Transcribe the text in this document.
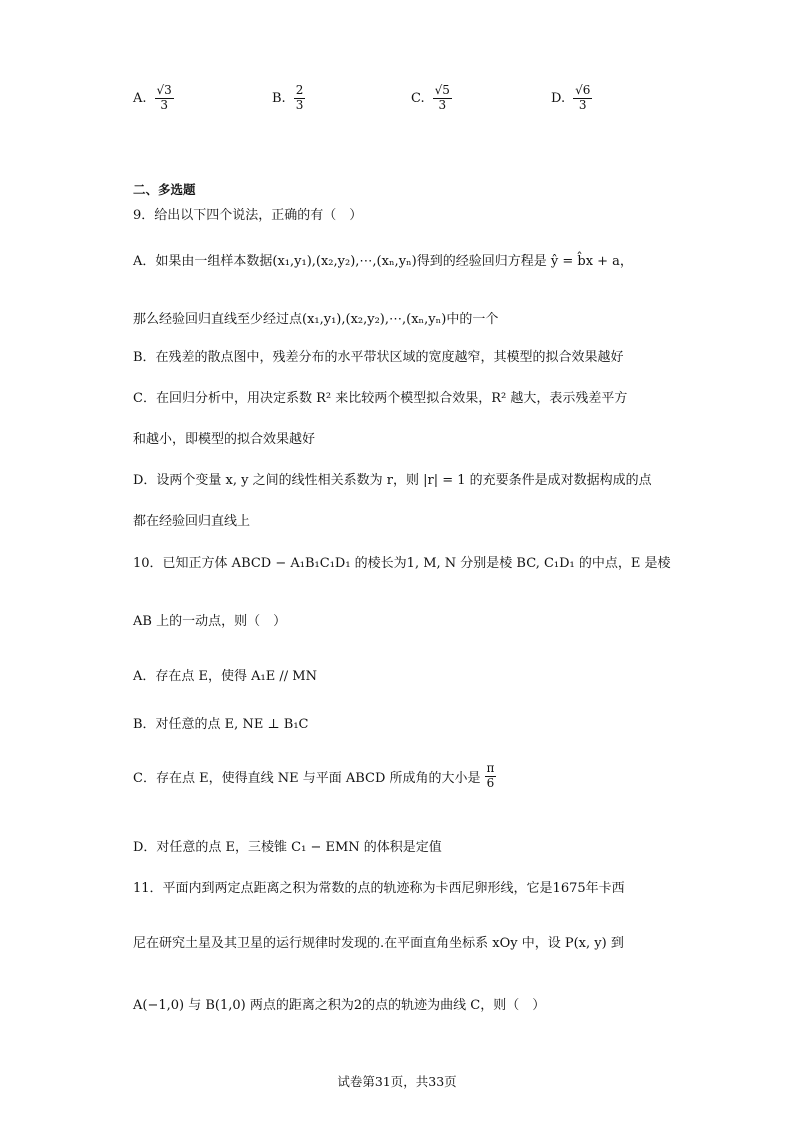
A. $\frac{√3}{3}$	B. $\frac{2}{3}$	C. $\frac{√5}{3}$	D. $\frac{√6}{3}$
二、多选题
9．给出以下四个说法，正确的有（　）
A．如果由一组样本数据(x₁,y₁),(x₂,y₂),⋯,(xₙ,yₙ)得到的经验回归方程是 ŷ = b̂x + a，
那么经验回归直线至少经过点(x₁,y₁),(x₂,y₂),⋯,(xₙ,yₙ)中的一个
B．在残差的散点图中，残差分布的水平带状区域的宽度越窄，其模型的拟合效果越好
C．在回归分析中，用决定系数 R² 来比较两个模型拟合效果，R² 越大，表示残差平方
和越小，即模型的拟合效果越好
D．设两个变量 x, y 之间的线性相关系数为 r，则 |r| = 1 的充要条件是成对数据构成的点
都在经验回归直线上
10．已知正方体 ABCD − A₁B₁C₁D₁ 的棱长为1, M, N 分别是棱 BC, C₁D₁ 的中点，E 是棱
AB 上的一动点，则（　）
A．存在点 E，使得 A₁E // MN
B．对任意的点 E, NE ⊥ B₁C
C．存在点 E，使得直线 NE 与平面 ABCD 所成角的大小是 $\frac{\pi}{6}$
D．对任意的点 E，三棱锥 C₁ − EMN 的体积是定值
11．平面内到两定点距离之积为常数的点的轨迹称为卡西尼卵形线，它是1675年卡西
尼在研究土星及其卫星的运行规律时发现的.在平面直角坐标系 xOy 中，设 P(x, y) 到
A(−1,0) 与 B(1,0) 两点的距离之积为2的点的轨迹为曲线 C，则（　）
试卷第31页，共33页
